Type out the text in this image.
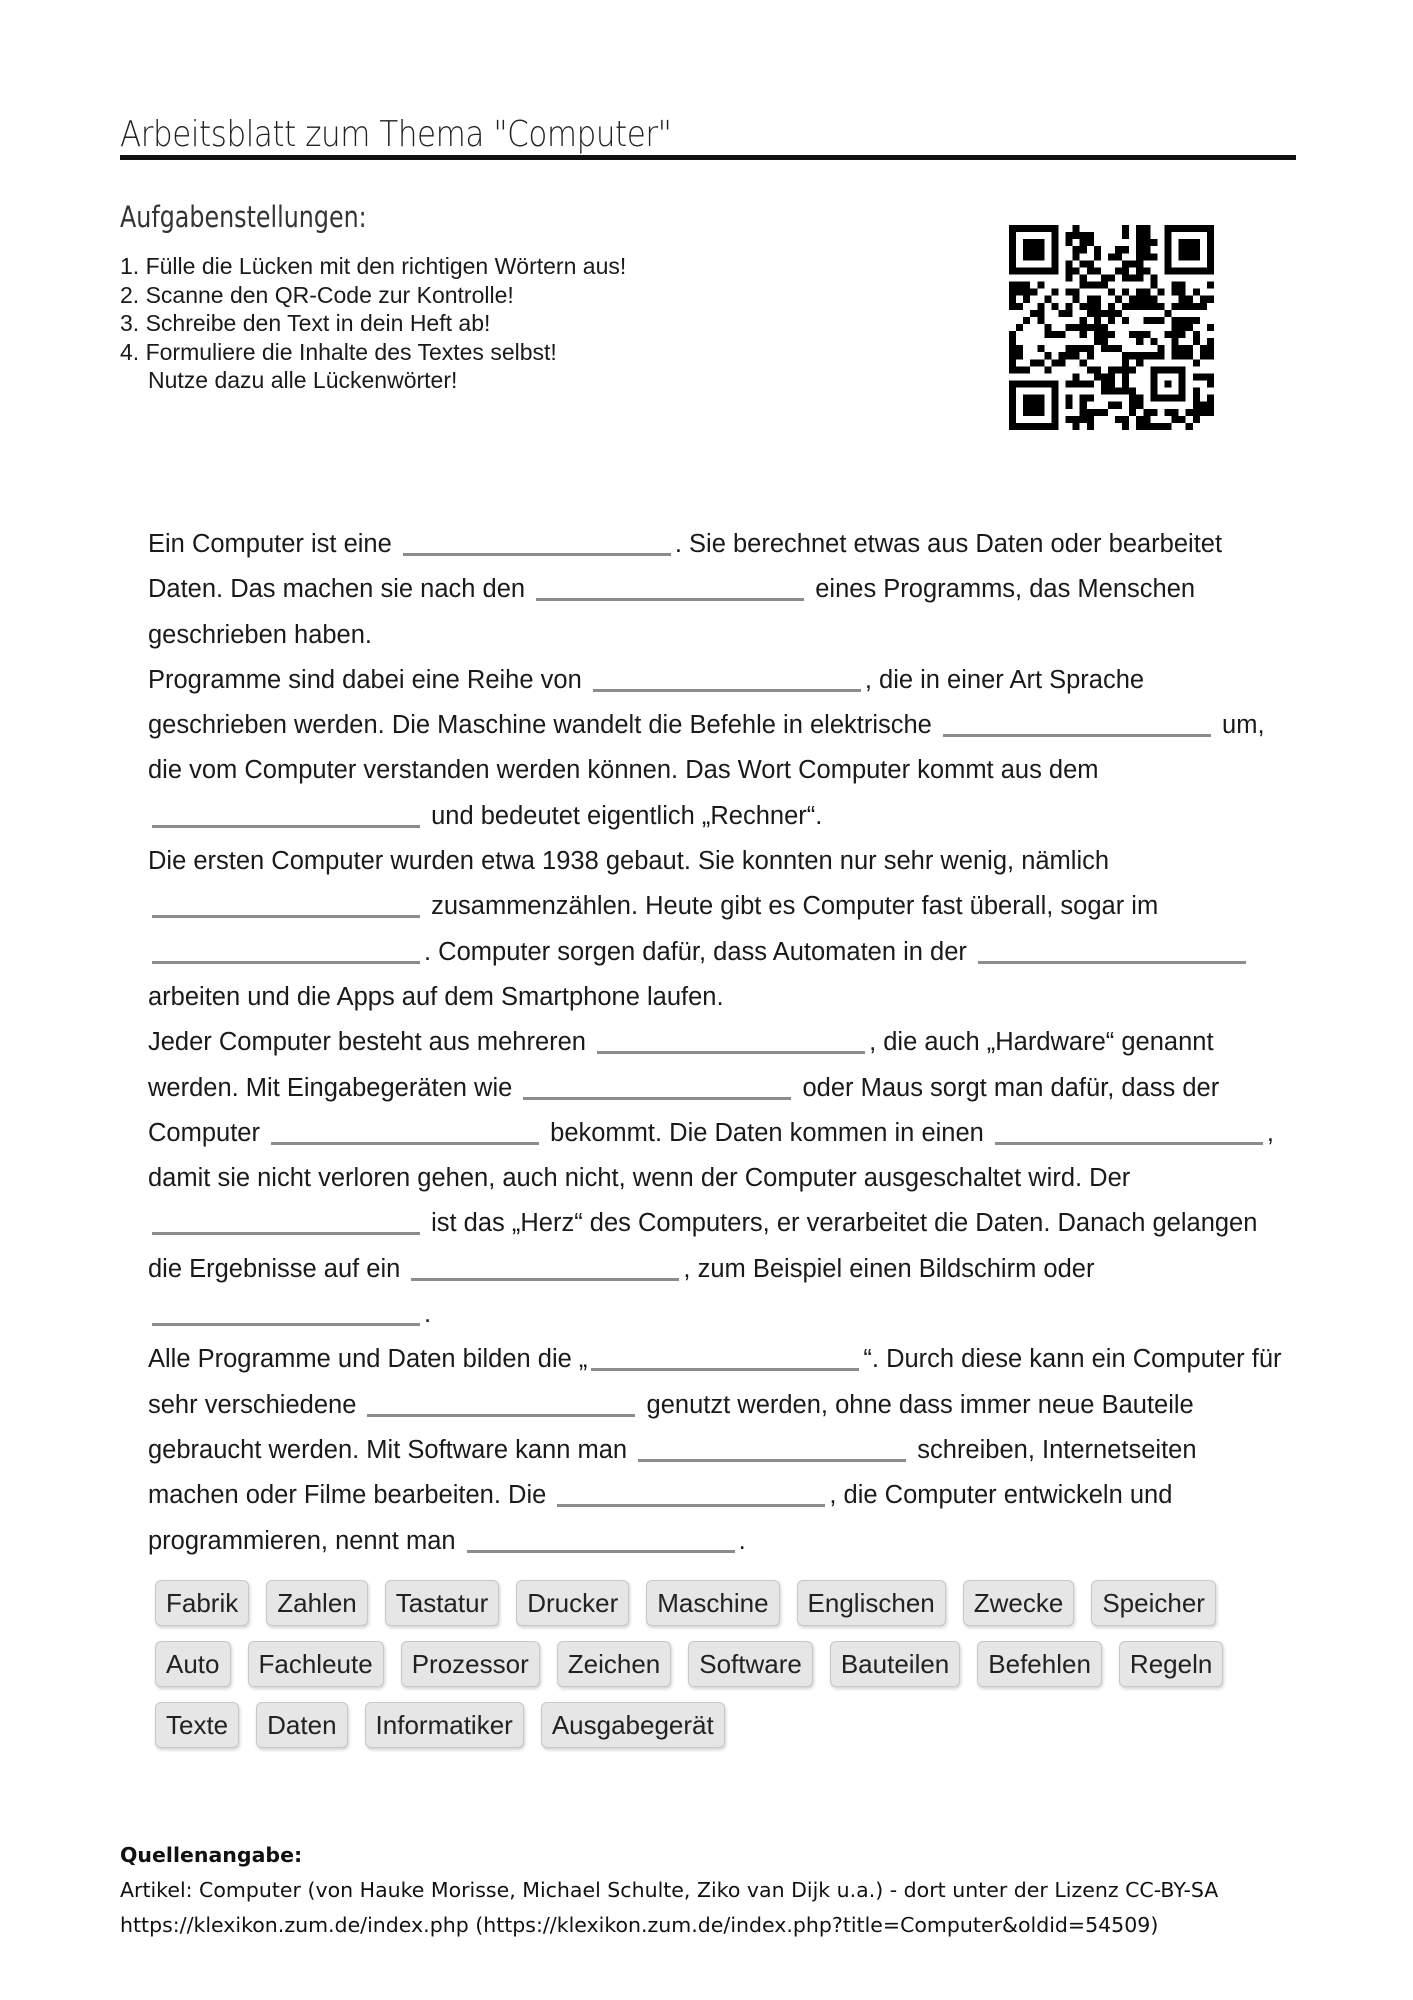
Arbeitsblatt zum Thema "Computer"
Aufgabenstellungen:
1. Fülle die Lücken mit den richtigen Wörtern aus!
2. Scanne den QR-Code zur Kontrolle!
3. Schreibe den Text in dein Heft ab!
4. Formuliere die Inhalte des Textes selbst!
Nutze dazu alle Lückenwörter!

Ein Computer ist eine	. Sie berechnet etwas aus Daten oder bearbeitet Daten. Das machen sie nach den	eines Programms, das Menschen geschrieben haben.

Programme sind dabei eine Reihe von	, die in einer Art Sprache geschrieben werden. Die Maschine wandelt die Befehle in elektrische	um, die vom Computer verstanden werden können. Das Wort Computer kommt aus dem  und bedeutet eigentlich „Rechner“.

Die ersten Computer wurden etwa 1938 gebaut. Sie konnten nur sehr wenig, nämlich  zusammenzählen. Heute gibt es Computer fast überall, sogar im . Computer sorgen dafür, dass Automaten in der  arbeiten und die Apps auf dem Smartphone laufen.

Jeder Computer besteht aus mehreren	, die auch „Hardware“ genannt werden. Mit Eingabegeräten wie	oder Maus sorgt man dafür, dass der Computer	bekommt. Die Daten kommen in einen	, damit sie nicht verloren gehen, auch nicht, wenn der Computer ausgeschaltet wird. Der  ist das „Herz“ des Computers, er verarbeitet die Daten. Danach gelangen die Ergebnisse auf ein	, zum Beispiel einen Bildschirm oder .

Alle Programme und Daten bilden die „	“. Durch diese kann ein Computer für sehr verschiedene	genutzt werden, ohne dass immer neue Bauteile gebraucht werden. Mit Software kann man	schreiben, Internetseiten machen oder Filme bearbeiten. Die	, die Computer entwickeln und programmieren, nennt man	.

Fabrik	Zahlen	Tastatur	Drucker	Maschine	Englischen	Zwecke	Speicher
Auto	Fachleute	Prozessor	Zeichen	Software	Bauteilen	Befehlen	Regeln
Texte	Daten	Informatiker	Ausgabegerät
Quellenangabe:
Artikel: Computer (von Hauke Morisse, Michael Schulte, Ziko van Dijk u.a.) - dort unter der Lizenz CC-BY-SA
https://klexikon.zum.de/index.php (https://klexikon.zum.de/index.php?title=Computer&oldid=54509)
